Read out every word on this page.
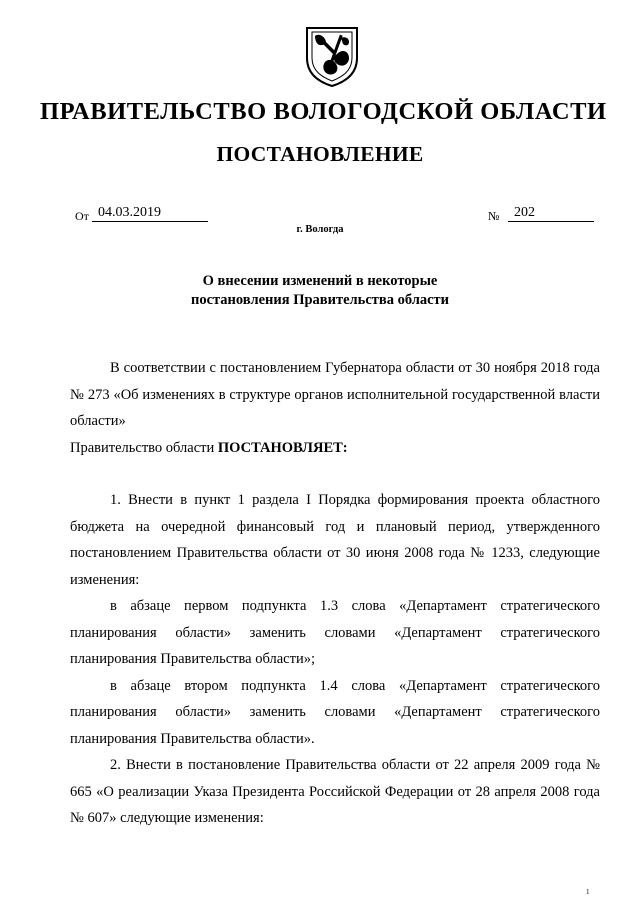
ПРАВИТЕЛЬСТВО ВОЛОГОДСКОЙ ОБЛАСТИ
ПОСТАНОВЛЕНИЕ
От 04.03.2019	№	202
г. Вологда
О внесении изменений в некоторые
постановления Правительства области

В соответствии с постановлением Губернатора области от 30 ноября 2018 года № 273 «Об изменениях в структуре органов исполнительной государственной власти области»

Правительство области ПОСТАНОВЛЯЕТ:

1. Внести в пункт 1 раздела I Порядка формирования проекта областного бюджета на очередной финансовый год и плановый период, утвержденного постановлением Правительства области от 30 июня 2008 года № 1233, следующие изменения:

в абзаце первом подпункта 1.3 слова «Департамент стратегического планирования области» заменить словами «Департамент стратегического планирования Правительства области»;

в абзаце втором подпункта 1.4 слова «Департамент стратегического планирования области» заменить словами «Департамент стратегического планирования Правительства области».

2. Внести в постановление Правительства области от 22 апреля 2009 года № 665 «О реализации Указа Президента Российской Федерации от 28 апреля 2008 года № 607» следующие изменения:

1
